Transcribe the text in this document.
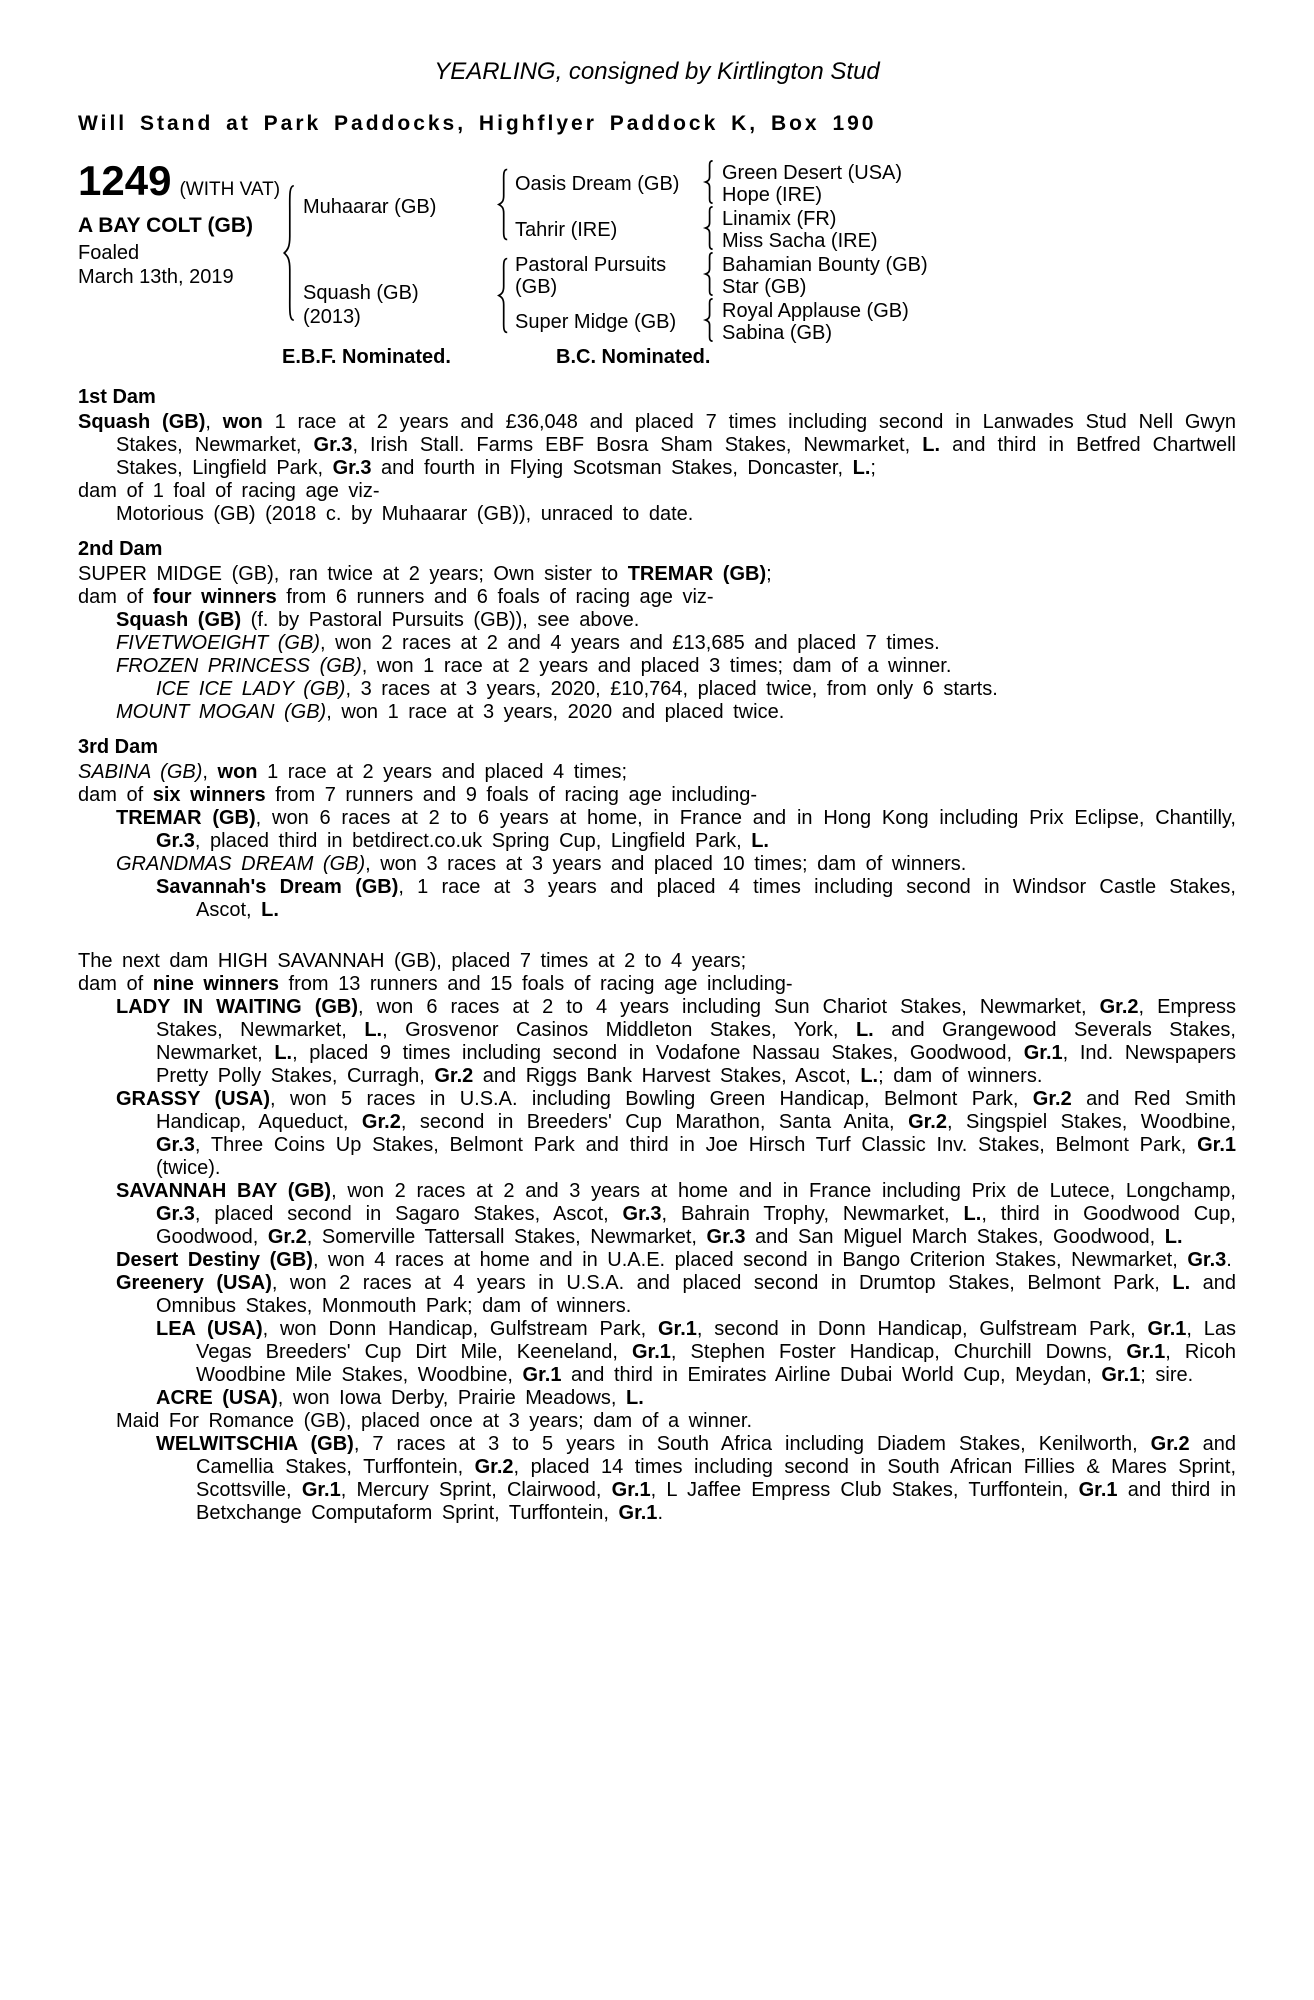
YEARLING, consigned by Kirtlington Stud
Will Stand at Park Paddocks, Highflyer Paddock K, Box 190
1249 (WITH VAT)
A BAY COLT (GB)
Foaled
March 13th, 2019
Muhaarar (GB)
Squash (GB)
(2013)
Oasis Dream (GB)
Tahrir (IRE)
Pastoral Pursuits (GB)
Super Midge (GB)
Green Desert (USA)
Hope (IRE)
Linamix (FR)
Miss Sacha (IRE)
Bahamian Bounty (GB)
Star (GB)
Royal Applause (GB)
Sabina (GB)
E.B.F. Nominated.	B.C. Nominated.
1st Dam

Squash (GB), won 1 race at 2 years and £36,048 and placed 7 times including second in Lanwades Stud Nell Gwyn Stakes, Newmarket, Gr.3, Irish Stall. Farms EBF Bosra Sham Stakes, Newmarket, L. and third in Betfred Chartwell Stakes, Lingfield Park, Gr.3 and fourth in Flying Scotsman Stakes, Doncaster, L.;

dam of 1 foal of racing age viz-

Motorious (GB) (2018 c. by Muhaarar (GB)), unraced to date.

2nd Dam

SUPER MIDGE (GB), ran twice at 2 years; Own sister to TREMAR (GB);

dam of four winners from 6 runners and 6 foals of racing age viz-

Squash (GB) (f. by Pastoral Pursuits (GB)), see above.

FIVETWOEIGHT (GB), won 2 races at 2 and 4 years and £13,685 and placed 7 times.

FROZEN PRINCESS (GB), won 1 race at 2 years and placed 3 times; dam of a winner.

ICE ICE LADY (GB), 3 races at 3 years, 2020, £10,764, placed twice, from only 6 starts.

MOUNT MOGAN (GB), won 1 race at 3 years, 2020 and placed twice.

3rd Dam

SABINA (GB), won 1 race at 2 years and placed 4 times;

dam of six winners from 7 runners and 9 foals of racing age including-

TREMAR (GB), won 6 races at 2 to 6 years at home, in France and in Hong Kong including Prix Eclipse, Chantilly, Gr.3, placed third in betdirect.co.uk Spring Cup, Lingfield Park, L.

GRANDMAS DREAM (GB), won 3 races at 3 years and placed 10 times; dam of winners.

Savannah's Dream (GB), 1 race at 3 years and placed 4 times including second in Windsor Castle Stakes, Ascot, L.

The next dam HIGH SAVANNAH (GB), placed 7 times at 2 to 4 years;

dam of nine winners from 13 runners and 15 foals of racing age including-

LADY IN WAITING (GB), won 6 races at 2 to 4 years including Sun Chariot Stakes, Newmarket, Gr.2, Empress Stakes, Newmarket, L., Grosvenor Casinos Middleton Stakes, York, L. and Grangewood Severals Stakes, Newmarket, L., placed 9 times including second in Vodafone Nassau Stakes, Goodwood, Gr.1, Ind. Newspapers Pretty Polly Stakes, Curragh, Gr.2 and Riggs Bank Harvest Stakes, Ascot, L.; dam of winners.

GRASSY (USA), won 5 races in U.S.A. including Bowling Green Handicap, Belmont Park, Gr.2 and Red Smith Handicap, Aqueduct, Gr.2, second in Breeders' Cup Marathon, Santa Anita, Gr.2, Singspiel Stakes, Woodbine, Gr.3, Three Coins Up Stakes, Belmont Park and third in Joe Hirsch Turf Classic Inv. Stakes, Belmont Park, Gr.1 (twice).

SAVANNAH BAY (GB), won 2 races at 2 and 3 years at home and in France including Prix de Lutece, Longchamp, Gr.3, placed second in Sagaro Stakes, Ascot, Gr.3, Bahrain Trophy, Newmarket, L., third in Goodwood Cup, Goodwood, Gr.2, Somerville Tattersall Stakes, Newmarket, Gr.3 and San Miguel March Stakes, Goodwood, L.

Desert Destiny (GB), won 4 races at home and in U.A.E. placed second in Bango Criterion Stakes, Newmarket, Gr.3.

Greenery (USA), won 2 races at 4 years in U.S.A. and placed second in Drumtop Stakes, Belmont Park, L. and Omnibus Stakes, Monmouth Park; dam of winners.

LEA (USA), won Donn Handicap, Gulfstream Park, Gr.1, second in Donn Handicap, Gulfstream Park, Gr.1, Las Vegas Breeders' Cup Dirt Mile, Keeneland, Gr.1, Stephen Foster Handicap, Churchill Downs, Gr.1, Ricoh Woodbine Mile Stakes, Woodbine, Gr.1 and third in Emirates Airline Dubai World Cup, Meydan, Gr.1; sire.

ACRE (USA), won Iowa Derby, Prairie Meadows, L.

Maid For Romance (GB), placed once at 3 years; dam of a winner.

WELWITSCHIA (GB), 7 races at 3 to 5 years in South Africa including Diadem Stakes, Kenilworth, Gr.2 and Camellia Stakes, Turffontein, Gr.2, placed 14 times including second in South African Fillies & Mares Sprint, Scottsville, Gr.1, Mercury Sprint, Clairwood, Gr.1, L Jaffee Empress Club Stakes, Turffontein, Gr.1 and third in Betxchange Computaform Sprint, Turffontein, Gr.1.
